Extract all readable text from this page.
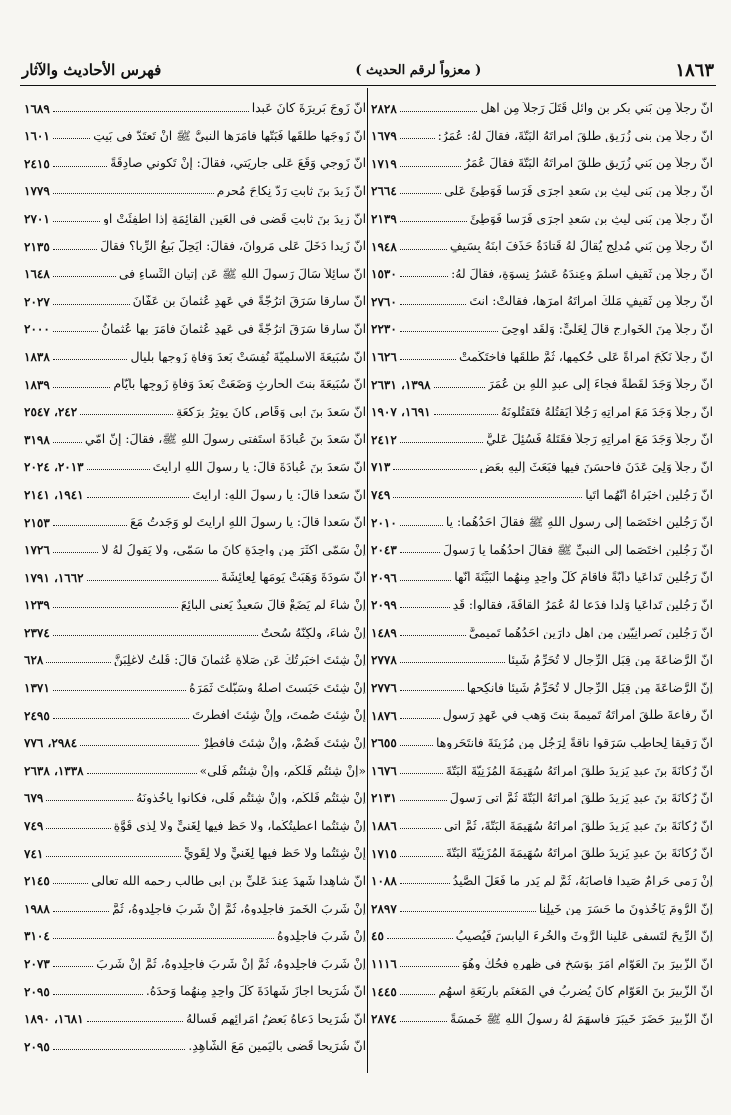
١٨٦٣
( معزواً لرقم الحديث )
فهرس الأحاديث والآثار
أنَّ رجلاً مِن بَني بكرِ بنِ وائلٍ قَتَلَ رَجلاً مِن أَهلِ
٢٨٢٨
أنَّ رجلاً مِن بني زُرَيقٍ طلَّقَ امرأتَهُ ألبَتَّةَ، فقالَ لَهُ: عُمَرُ:
١٦٧٩
أنَّ رجلاً مِن بَني زُرَيقٍ طلَّقَ امرأتَهُ ألبَتَّةَ فقالَ عُمَرُ
١٧١٩
أنَّ رجلاً مِن بَني لَيثِ بنِ سَعدٍ أجرَى فَرَساً فَوَطِئَ عَلَى
٢٦٦٤
أنَّ رجلاً مِن بَني لَيثِ بنِ سَعدٍ أجرَى فَرَساً فَوَطِئَ
٢١٣٩
أنَّ رجلاً مِن بَني مُدلِجٍ يُقالُ لَهُ قَتادَةُ حَذَفَ ابنَهُ بِسَيفٍ
١٩٤٨
أنَّ رجلاً مِن ثَقيفٍ أسلَمَ وعِندَهُ عَشرُ نِسوَةٍ، فقالَ لَهُ:
١٥٣٠
أنَّ رجلاً مِن ثَقيفٍ مَلَّكَ امرأتَهُ أمرَها، فقالَتْ: أنتَ
٢٧٦٠
أنَّ رجلاً مِنَ الخَوارِجِ قالَ لِعَليٍّ: وَلَقَد أوحِيَ
٢٢٣٠
أنَّ رجلاً نَكَحَ امرأةً عَلَى حُكمِها، ثُمَّ طَلَّقَها فاختَكَمتْ
١٦٢٦
أنَّ رجلاً وَجَدَ لُقَطَةً فجاءَ إلى عبدِ اللهِ بنِ عُمَرَ
١٣٩٨، ٢٦٣١
أنَّ رجلاً وَجَدَ مَعَ امرأتِهِ رَجُلاً أيَقتُلُهُ فتَقتُلونَهُ
١٦٩١، ١٩٠٧
أنَّ رجلاً وَجَدَ مَعَ امرأتِهِ رَجلاً فقَتَلَهُ فَسُئِلَ عَليٌّ
٢٤١٢
أنَّ رجلاً وَلِيَ عَدَنَ فأَحسَنَ فيها فبَعَثَ إليهِ بِعَضٍ
٧١٣
أنَّ رَجُلَينِ أخبَراهُ أنَّهُما أتَيا
٧٤٩
أنَّ رَجُلَينِ اختَصَما إلى رسولِ اللهِ ﷺ فقالَ أحَدُهُما: يا
٢٠١٠
أنَّ رَجُلَينِ اختَصَما إلى النبيِّ ﷺ فقالَ أحدُهُما يا رَسولَ
٢٠٤٣
أنَّ رَجُلَينِ تَداعَيا دابَّةً فأقامَ كُلُّ واحِدٍ مِنهُما البَيِّنَةَ أنَّها
٢٠٩٦
أنَّ رَجُلَينِ تَداعَيا وَلَداً فدَعا لَهُ عُمَرُ القافَةَ، فقالوا: قَدِ
٢٠٩٩
أنَّ رَجُلَينِ نَصرانِيَّينِ مِن أهلِ دارَينِ أحَدُهُما تَميميٌّ
١٤٨٩
أنَّ الرَّضاعَةَ مِن قِبَلِ الرِّجالِ لا تُحَرِّمُ شَيئاً
٢٧٧٨
إنَّ الرَّضاعَةَ مِن قِبَلِ الرِّجالِ لا تُحَرِّمُ شَيئاً فانكِحها
٢٧٧٦
أنَّ رِفاعةَ طَلَّقَ امرأتَهُ تَميمةَ بنتَ وَهبٍ في عَهدِ رَسولِ
١٨٧٦
أنَّ رَقيقاً لِحاطِبٍ سَرَقوا ناقةً لِرَجُلٍ مِن مُزَينَةَ فانتَحَروها
٢٦٥٥
أنَّ رُكانَةَ بنَ عبدِ يَزيدَ طَلَّقَ امرأتَهُ سُهَيمَةَ المُزَنِيَّةَ البَتَّةَ
١٦٧٦
أنَّ رُكانَةَ بنَ عبدِ يَزيدَ طَلَّقَ امرأتَهُ البَتَّةَ ثُمَّ أتى رَسولَ
٢١٣١
أنَّ رُكانَةَ بنَ عبدِ يَزيدَ طَلَّقَ امرأتَهُ سُهَيمَةَ البَتَّةَ، ثُمَّ أتى
١٨٨٦
أنَّ رُكانَةَ بنَ عبدِ يَزيدَ طَلَّقَ امرأتَهُ سُهَيمَةَ المُزَنِيَّةَ البَتَّةَ
١٧١٥
إنْ رَمى حَرامٌ صَيداً فأصابَهُ، ثُمَّ لَم يَدرِ ما فَعَلَ الصَّيدُ
١٠٨٨
إنَّ الرُّومَ يَأخُذونَ ما حَسَرَ مِن خَيلِنا
٢٨٩٧
إنَّ الرِّيحَ لَتَسفي عَلَينا الرَّوثَ والخُرءَ اليابِسَ فَيُصيبُ
٤٥
أنَّ الزُّبيرَ بنَ العَوّامِ أمَرَ بوَسَخٍ في ظَهرِهِ فحُكَّ وهُوَ
١١١٦
أنَّ الزُّبيرَ بنَ العَوّامِ كانَ يُضرِبُ في المَغنَمِ بأَربَعَةِ أسهُمٍ
١٤٤٥
أنَّ الزُّبيرَ حَضَرَ خَيبَرَ فأسهَمَ لَهُ رسولُ اللهِ ﷺ خَمسَةً
٢٨٧٤
أنَّ زَوجَ بَريرَةَ كانَ عَبداً
١٦٨٩
أنَّ زَوجَها طَلَّقَها فَبَتَّها فأَمَرَها النبيُّ ﷺ أنْ تَعتَدَّ في بَيتِ
١٦٠١
أنَّ زَوجي وَقَعَ عَلى جارِيَتي، فقالَ: إنْ تَكوني صادِقَةً
٢٤١٥
أنَّ زَيدَ بنَ ثابتٍ رَدَّ نِكاحَ مُحرِمٍ
١٧٧٩
أنَّ زيدَ بنَ ثابتٍ قَضى في العَينِ القائِمَةِ إذا أُطفِئَتْ أو
٢٧٠١
أنَّ زَيداً دَخَلَ عَلى مَروانَ، فقالَ: أيَحِلُّ بَيعُ الرِّبا؟ فقالَ
٢١٣٥
أنَّ سائِلاً سَألَ رَسولَ اللهِ ﷺ عَن إتيانِ النِّساءِ في
١٦٤٨
أنَّ سارِقاً سَرَقَ أُترُجَّةً في عَهدِ عُثمانَ بنِ عَفّانَ
٢٠٢٧
أنَّ سارِقاً سَرَقَ أُترُجَّةً في عَهدِ عُثمانَ فأمَرَ بها عُثمانُ
٢٠٠٠
أنَّ سُبَيعَةَ الأسلَمِيَّةَ نُفِسَتْ بَعدَ وَفاةِ زَوجِها بِلَيالٍ
١٨٣٨
أنَّ سُبَيعَةَ بنتَ الحارِثِ وَضَعَتْ بَعدَ وَفاةِ زَوجِها بأيّامٍ
١٨٣٩
أنَّ سَعدَ بنَ أبي وَقّاصٍ كانَ يوتِرُ بِرَكعَةٍ
٢٤٢، ٢٥٤٧
أنَّ سَعدَ بنَ عُبادَةَ استَفتى رسولَ اللهِ ﷺ، فقالَ: إنَّ أُمّي
٣١٩٨
أنَّ سَعدَ بنَ عُبادَةَ قالَ: يا رسولَ اللهِ أرأيتَ
٢٠١٣، ٢٠٢٤
أنَّ سَعداً قالَ: يا رسولَ اللهِ: أرأيتَ
١٩٤١، ٢١٤١
أنَّ سَعداً قالَ: يا رسولَ اللهِ أرأيتَ لَو وَجَدتُ مَعَ
٢١٥٣
إنْ سَمّى أكثَرَ مِن واحِدَةٍ كانَ ما سَمّى، ولا يَقولُ لَهُ لا
١٧٢٦
أنَّ سَودَةَ وَهَبَتْ يَومَها لِعائِشَةَ
١٦٦٢، ١٧٩١
إنْ شاءَ لَم يَضَعْ قالَ سَعيدٌ يَعني البائِعَ
١٢٣٩
إنْ شاءَ، ولَكِنَّهُ سُحتٌ
٢٣٧٤
إنْ شِئتَ أخبَرتُكَ عَن صَلاةِ عُثمانَ قالَ: قُلتُ لأَغلِبَنَّ
٦٢٨
إنْ شِئتَ حَبَستَ أصلَهُ وسَبَّلتَ ثَمَرَهُ
١٣٧١
إنْ شِئتَ صُمتَ، وإنْ شِئتَ أفطَرتَ
٢٤٩٥
إنْ شِئتَ فَصُمْ، وإنْ شِئتَ فأَفطِرْ
٢٩٨٤، ٧٧٦
«إنْ شِئتُم فَلَكُم، وإنْ شِئتُم فَلي»
١٣٣٨، ٢٦٣٨
إنْ شِئتُم فَلَكُم، وإنْ شِئتُم فَلي، فكانوا يأخُذونَهُ
٦٧٩
إنْ شِئتُما أعطَيتُكُما، ولا حَظَّ فيها لِغَنيٍّ ولا لِذي قُوَّةٍ
٧٤٩
إنْ شِئتُما ولا حَظَّ فيها لِغَنيٍّ ولا لِقَويٍّ
٧٤١
أنَّ شاهِداً شَهِدَ عِندَ عَليِّ بنِ أبي طالبٍ رحمه الله تعالى
٢١٤٥
إنْ شَرِبَ الخَمرَ فاجلِدوهُ، ثُمَّ إنْ شَرِبَ فاجلِدوهُ، ثُمَّ
١٩٨٨
إنْ شَرِبَ فاجلِدوهُ
٣١٠٤
إنْ شَرِبَ فاجلِدوهُ، ثُمَّ إنْ شَرِبَ فاجلِدوهُ، ثُمَّ إنْ شَرِبَ
٢٠٧٣
أنَّ شُرَيحاً أجازَ شَهادَةَ كُلِّ واحِدٍ مِنهُما وَحدَهُ.
٢٠٩٥
أنَّ شُرَيحاً دَعاهُ بَعضُ أُمَرائِهِم فَسألَهُ
١٦٨١، ١٨٩٠
أنَّ شُرَيحاً قَضى باليَمينِ مَعَ الشّاهِدِ.
٢٠٩٥
